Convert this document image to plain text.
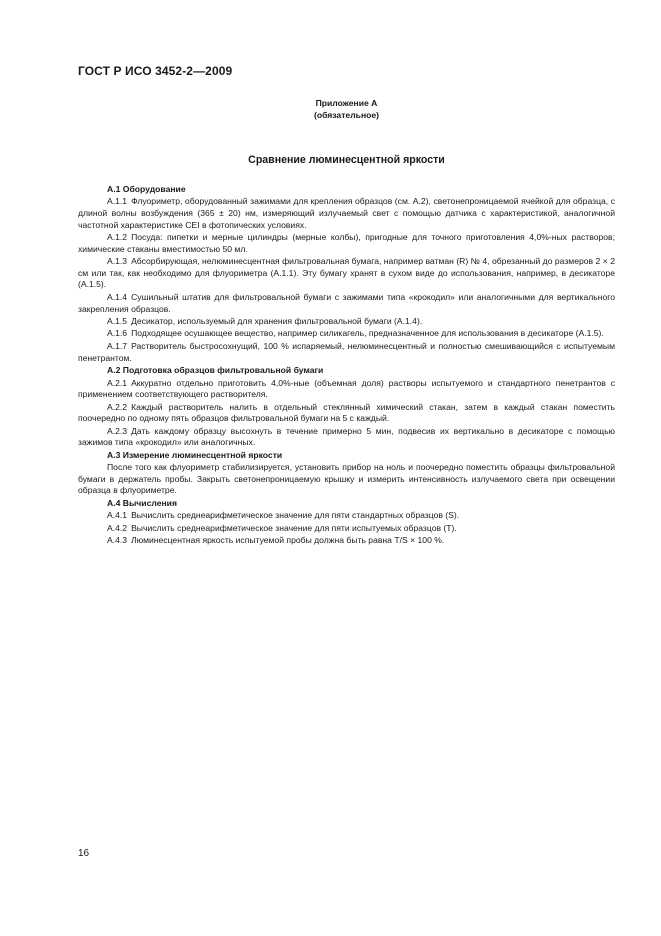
ГОСТ Р ИСО 3452-2—2009
Приложение А
(обязательное)
Сравнение люминесцентной яркости

А.1 Оборудование

А.1.1 Флуориметр, оборудованный зажимами для крепления образцов (см. А.2), светонепроницаемой ячейкой для образца, с длиной волны возбуждения (365 ± 20) нм, измеряющий излучаемый свет с помощью датчика с характеристикой, аналогичной частотной характеристике CEI в фотопических условиях.

А.1.2 Посуда: пипетки и мерные цилиндры (мерные колбы), пригодные для точного приготовления 4,0%-ных растворов; химические стаканы вместимостью 50 мл.

А.1.3 Абсорбирующая, нелюминесцентная фильтровальная бумага, например ватман (R) № 4, обрезанный до размеров 2 × 2 см или так, как необходимо для флуориметра (А.1.1). Эту бумагу хранят в сухом виде до использования, например, в десикаторе (А.1.5).

А.1.4 Сушильный штатив для фильтровальной бумаги с зажимами типа «крокодил» или аналогичными для вертикального закрепления образцов.

А.1.5 Десикатор, используемый для хранения фильтровальной бумаги (А.1.4).

А.1.6 Подходящее осушающее вещество, например силикагель, предназначенное для использования в десикаторе (А.1.5).

А.1.7 Растворитель быстросохнущий, 100 % испаряемый, нелюминесцентный и полностью смешивающийся с испытуемым пенетрантом.

А.2 Подготовка образцов фильтровальной бумаги

А.2.1 Аккуратно отдельно приготовить 4,0%-ные (объемная доля) растворы испытуемого и стандартного пенетрантов с применением соответствующего растворителя.

А.2.2 Каждый растворитель налить в отдельный стеклянный химический стакан, затем в каждый стакан поместить поочередно по одному пять образцов фильтровальной бумаги на 5 с каждый.

А.2.3 Дать каждому образцу высохнуть в течение примерно 5 мин, подвесив их вертикально в десикаторе с помощью зажимов типа «крокодил» или аналогичных.

А.3 Измерение люминесцентной яркости

После того как флуориметр стабилизируется, установить прибор на ноль и поочередно поместить образцы фильтровальной бумаги в держатель пробы. Закрыть светонепроницаемую крышку и измерить интенсивность излучаемого света при освещении образца в флуориметре.

А.4 Вычисления

А.4.1 Вычислить среднеарифметическое значение для пяти стандартных образцов (S).

А.4.2 Вычислить среднеарифметическое значение для пяти испытуемых образцов (Т).

А.4.3 Люминесцентная яркость испытуемой пробы должна быть равна T/S × 100 %.

16
